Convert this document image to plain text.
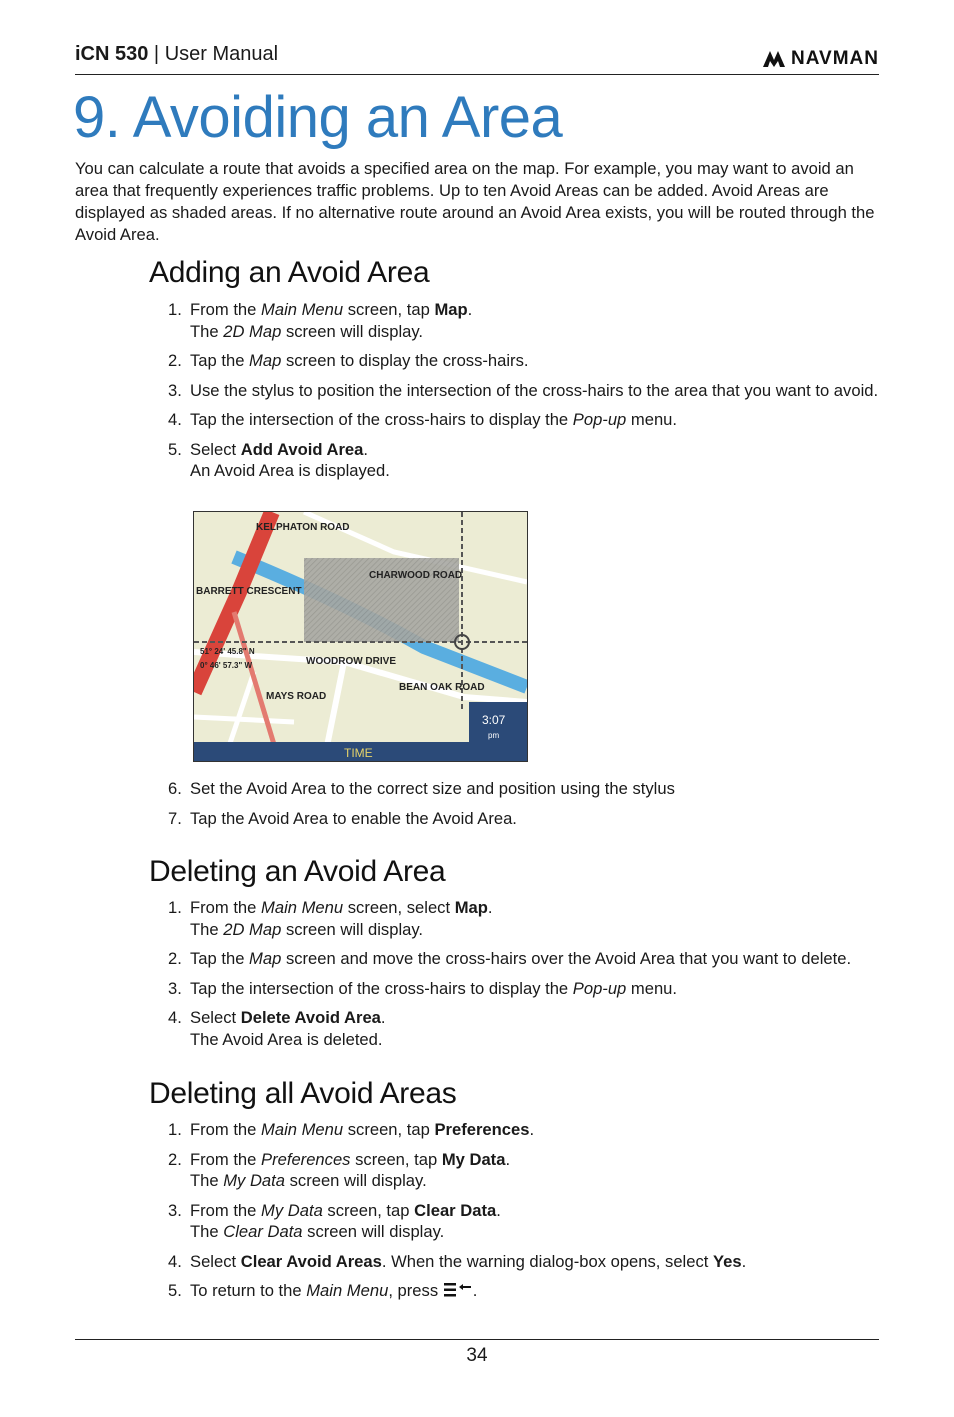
iCN 530 | User Manual	NAVMAN
9. Avoiding an Area

You can calculate a route that avoids a specified area on the map. For example, you may want to avoid an area that frequently experiences traffic problems. Up to ten Avoid Areas can be added. Avoid Areas are displayed as shaded areas. If no alternative route around an Avoid Area exists, you will be routed through the Avoid Area.

Adding an Avoid Area
1. From the Main Menu screen, tap Map.
The 2D Map screen will display.
2. Tap the Map screen to display the cross-hairs.
3. Use the stylus to position the intersection of the cross-hairs to the area that you want to avoid.
4. Tap the intersection of the cross-hairs to display the Pop-up menu.
5. Select Add Avoid Area.
An Avoid Area is displayed.
KELPHATON ROAD
CHARWOOD ROAD
BARRETT CRESCENT
WOODROW DRIVE
BEAN OAK ROAD
MAYS ROAD
51° 24' 45.8" N
0° 46' 57.3" W
TIME
3:07
pm
6. Set the Avoid Area to the correct size and position using the stylus
7. Tap the Avoid Area to enable the Avoid Area.
Deleting an Avoid Area
1. From the Main Menu screen, select Map.
The 2D Map screen will display.
2. Tap the Map screen and move the cross-hairs over the Avoid Area that you want to delete.
3. Tap the intersection of the cross-hairs to display the Pop-up menu.
4. Select Delete Avoid Area.
The Avoid Area is deleted.
Deleting all Avoid Areas
1. From the Main Menu screen, tap Preferences.
2. From the Preferences screen, tap My Data.
The My Data screen will display.
3. From the My Data screen, tap Clear Data.
The Clear Data screen will display.
4. Select Clear Avoid Areas. When the warning dialog-box opens, select Yes.
5. To return to the Main Menu, press .
34
